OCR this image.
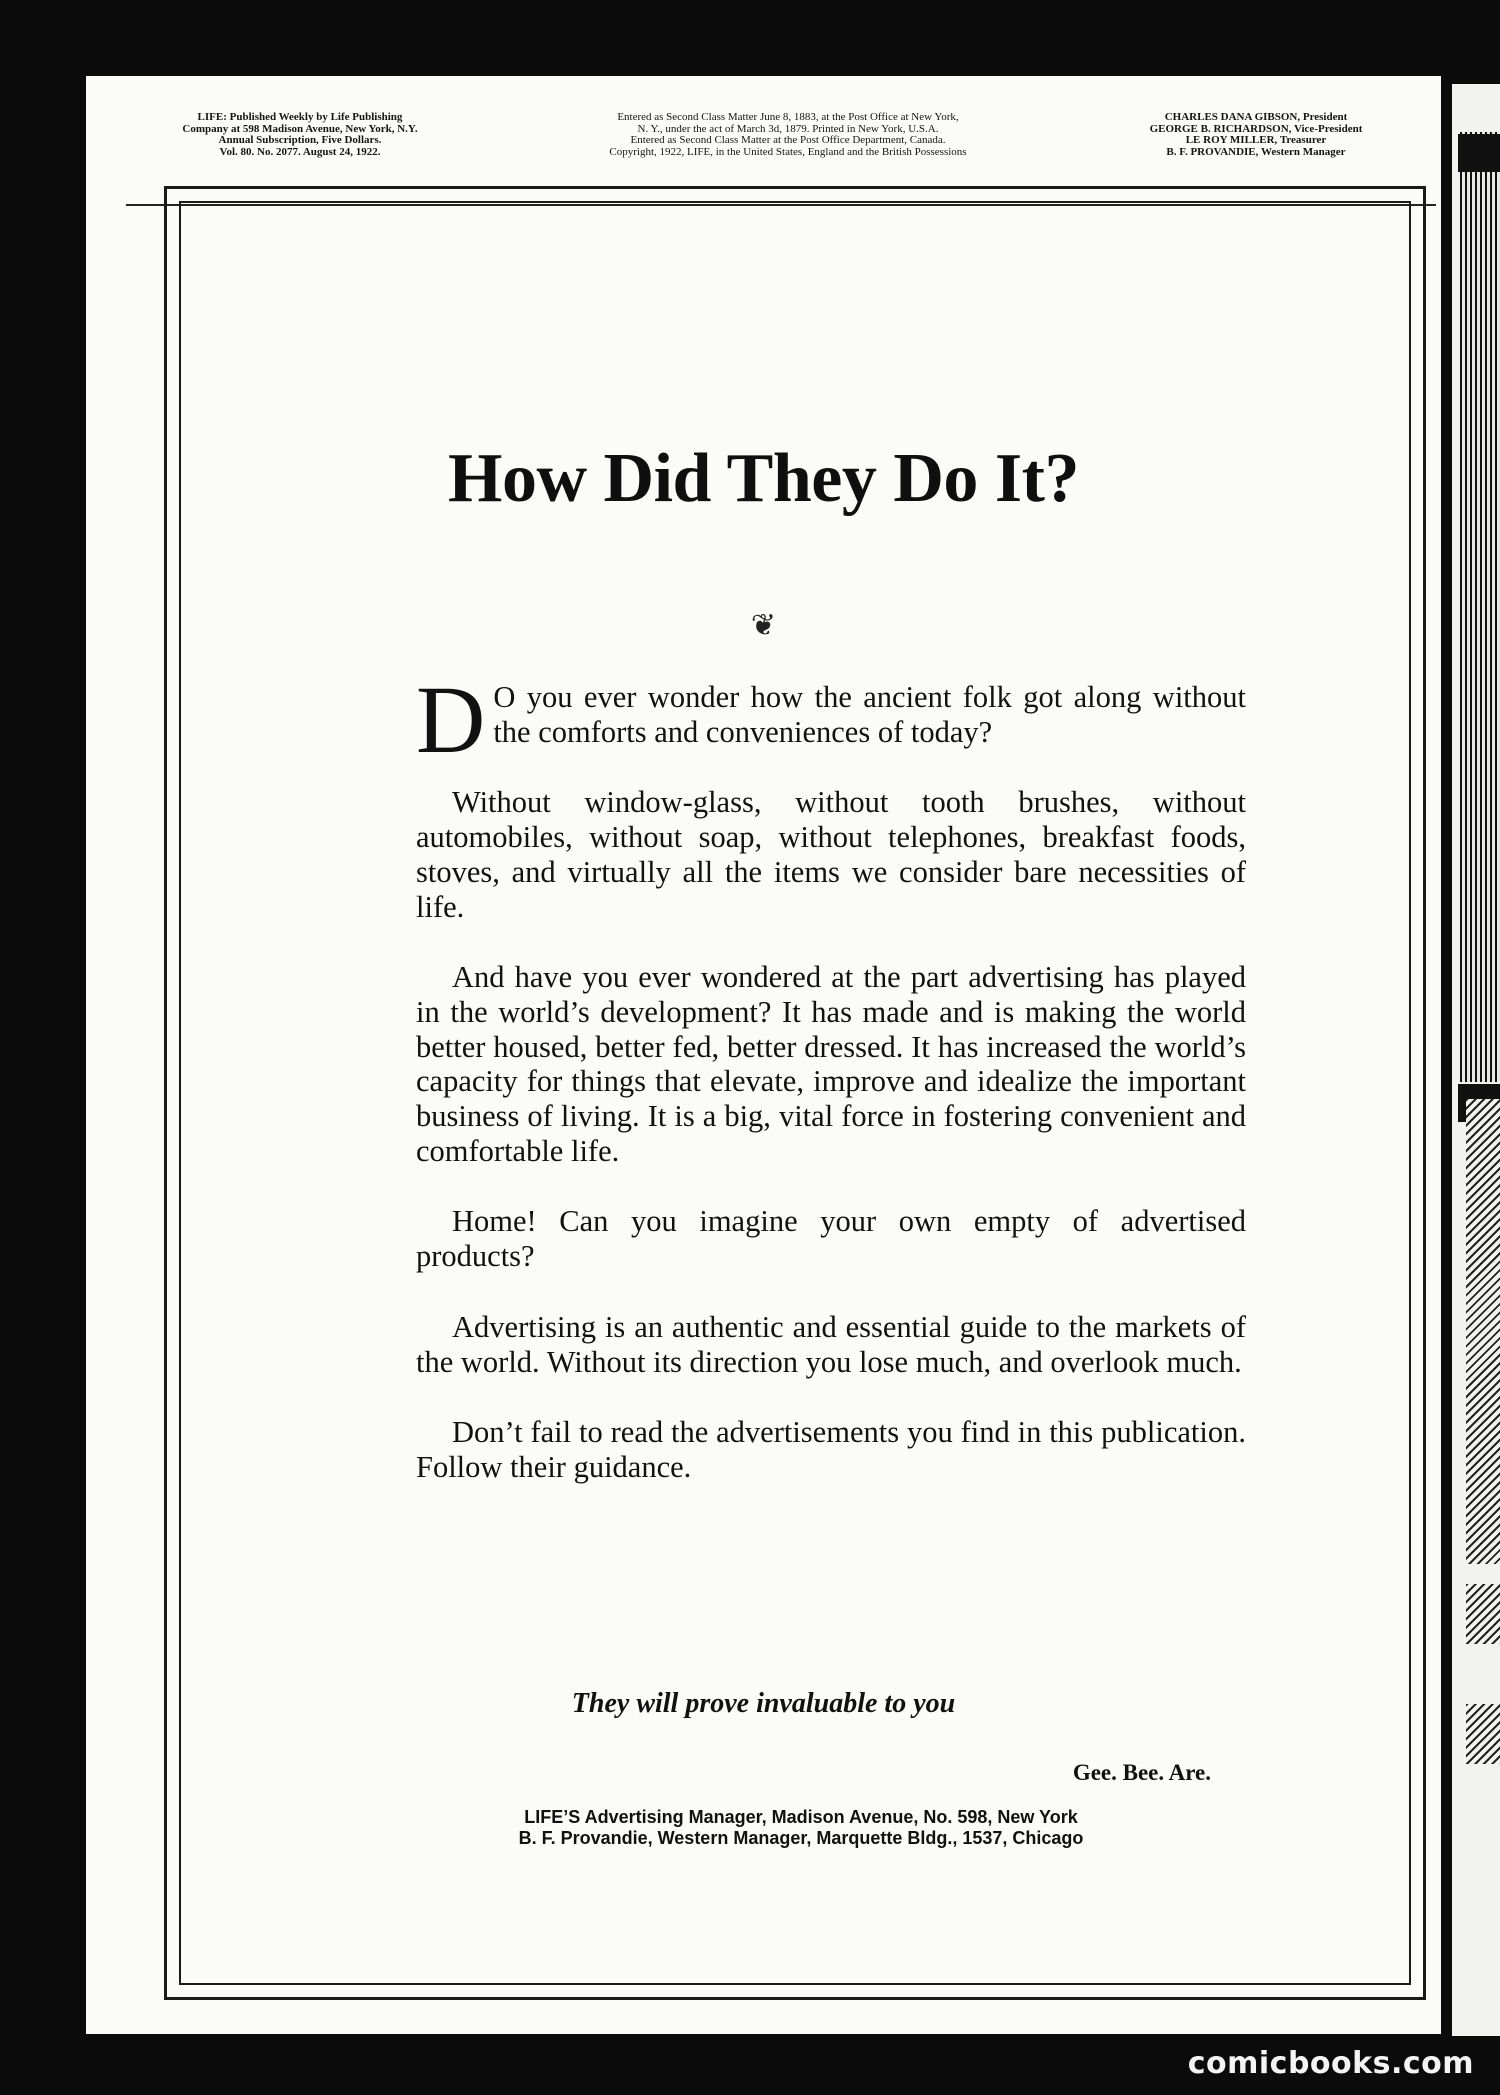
LIFE: Published Weekly by Life Publishing
Company at 598 Madison Avenue, New York, N.Y.
Annual Subscription, Five Dollars.
Vol. 80. No. 2077. August 24, 1922.
Entered as Second Class Matter June 8, 1883, at the Post Office at New York,
N. Y., under the act of March 3d, 1879. Printed in New York, U.S.A.
Entered as Second Class Matter at the Post Office Department, Canada.
Copyright, 1922, LIFE, in the United States, England and the British Possessions
CHARLES DANA GIBSON, President
GEORGE B. RICHARDSON, Vice-President
LE ROY MILLER, Treasurer
B. F. PROVANDIE, Western Manager
How Did They Do It?
❦

D O you ever wonder how the ancient folk got along without the comforts and conveniences of today?

Without window-glass, without tooth brushes, without automobiles, without soap, without telephones, breakfast foods, stoves, and virtually all the items we consider bare necessities of life.

And have you ever wondered at the part advertising has played in the world’s development? It has made and is making the world better housed, better fed, better dressed. It has increased the world’s capacity for things that elevate, improve and idealize the important business of living. It is a big, vital force in fostering convenient and comfortable life.

Home! Can you imagine your own empty of advertised products?

Advertising is an authentic and essential guide to the markets of the world. Without its direction you lose much, and overlook much.

Don’t fail to read the advertisements you find in this publication. Follow their guidance.

They will prove invaluable to you
Gee. Bee. Are.
LIFE’S Advertising Manager, Madison Avenue, No. 598, New York
B. F. Provandie, Western Manager, Marquette Bldg., 1537, Chicago
comicbooks.com
